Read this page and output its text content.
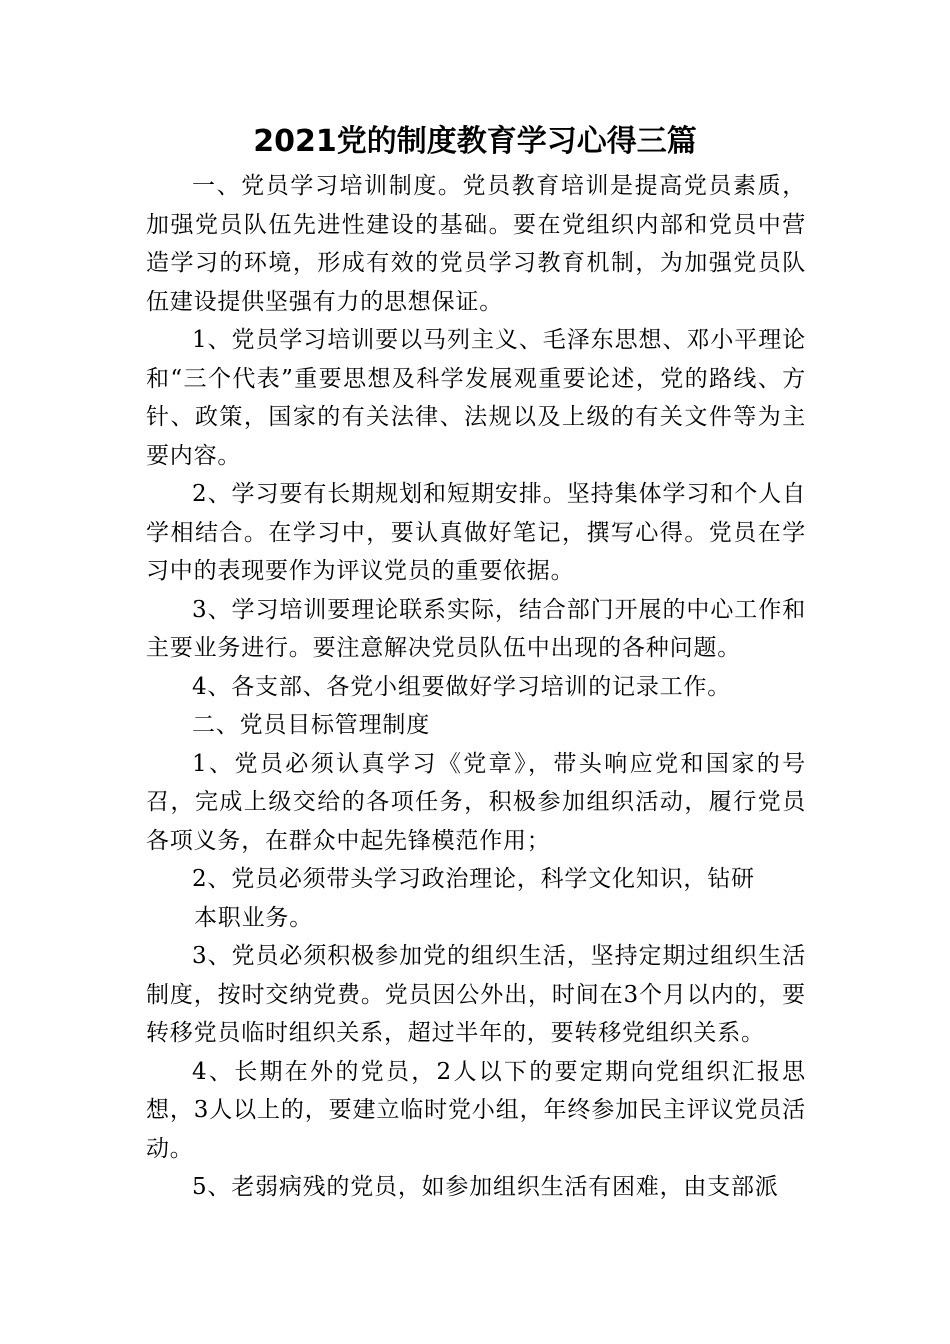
2021党的制度教育学习心得三篇

一、党员学习培训制度。党员教育培训是提高党员素质，加强党员队伍先进性建设的基础。要在党组织内部和党员中营造学习的环境，形成有效的党员学习教育机制，为加强党员队伍建设提供坚强有力的思想保证。

1、党员学习培训要以马列主义、毛泽东思想、邓小平理论和“三个代表”重要思想及科学发展观重要论述，党的路线、方针、政策，国家的有关法律、法规以及上级的有关文件等为主要内容。

2、学习要有长期规划和短期安排。坚持集体学习和个人自学相结合。在学习中，要认真做好笔记，撰写心得。党员在学习中的表现要作为评议党员的重要依据。

3、学习培训要理论联系实际，结合部门开展的中心工作和主要业务进行。要注意解决党员队伍中出现的各种问题。

4、各支部、各党小组要做好学习培训的记录工作。

二、党员目标管理制度

1、党员必须认真学习《党章》，带头响应党和国家的号召，完成上级交给的各项任务，积极参加组织活动，履行党员各项义务，在群众中起先锋模范作用；

2、党员必须带头学习政治理论，科学文化知识，钻研

本职业务。

3、党员必须积极参加党的组织生活，坚持定期过组织生活制度，按时交纳党费。党员因公外出，时间在3个月以内的，要转移党员临时组织关系，超过半年的，要转移党组织关系。

4、长期在外的党员，2人以下的要定期向党组织汇报思想，3人以上的，要建立临时党小组，年终参加民主评议党员活动。

5、老弱病残的党员，如参加组织生活有困难，由支部派
